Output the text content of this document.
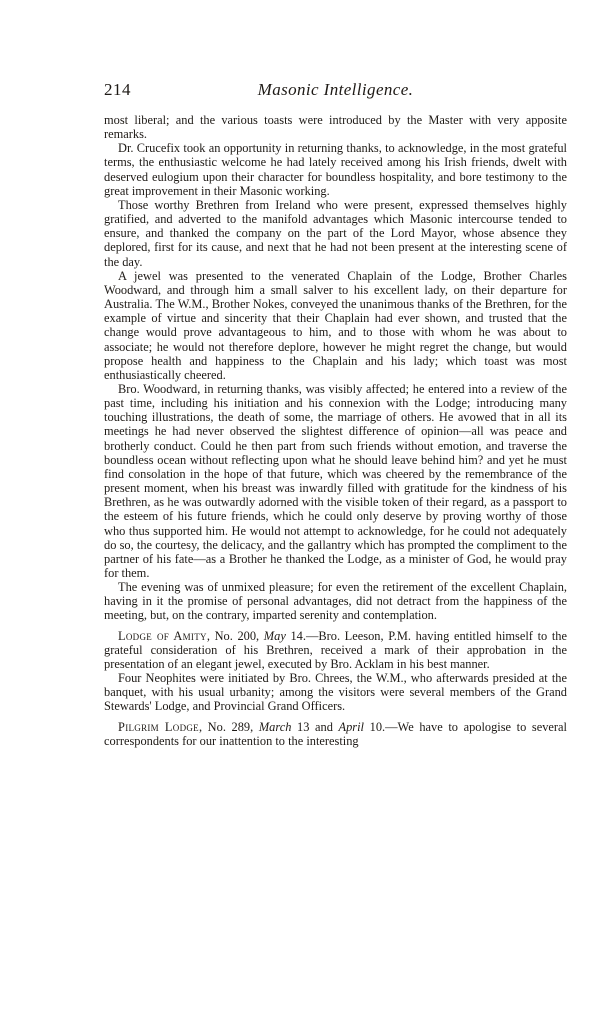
214	Masonic Intelligence.

most liberal; and the various toasts were introduced by the Master with very apposite remarks.

Dr. Crucefix took an opportunity in returning thanks, to acknowledge, in the most grateful terms, the enthusiastic welcome he had lately received among his Irish friends, dwelt with deserved eulogium upon their character for boundless hospitality, and bore testimony to the great improvement in their Masonic working.

Those worthy Brethren from Ireland who were present, expressed themselves highly gratified, and adverted to the manifold advantages which Masonic intercourse tended to ensure, and thanked the company on the part of the Lord Mayor, whose absence they deplored, first for its cause, and next that he had not been present at the interesting scene of the day.

A jewel was presented to the venerated Chaplain of the Lodge, Brother Charles Woodward, and through him a small salver to his excellent lady, on their departure for Australia. The W.M., Brother Nokes, conveyed the unanimous thanks of the Brethren, for the example of virtue and sincerity that their Chaplain had ever shown, and trusted that the change would prove advantageous to him, and to those with whom he was about to associate; he would not therefore deplore, however he might regret the change, but would propose health and happiness to the Chaplain and his lady; which toast was most enthusiastically cheered.

Bro. Woodward, in returning thanks, was visibly affected; he entered into a review of the past time, including his initiation and his connexion with the Lodge; introducing many touching illustrations, the death of some, the marriage of others. He avowed that in all its meetings he had never observed the slightest difference of opinion—all was peace and brotherly conduct. Could he then part from such friends without emotion, and traverse the boundless ocean without reflecting upon what he should leave behind him? and yet he must find consolation in the hope of that future, which was cheered by the remembrance of the present moment, when his breast was inwardly filled with gratitude for the kindness of his Brethren, as he was outwardly adorned with the visible token of their regard, as a passport to the esteem of his future friends, which he could only deserve by proving worthy of those who thus supported him. He would not attempt to acknowledge, for he could not adequately do so, the courtesy, the delicacy, and the gallantry which has prompted the compliment to the partner of his fate—as a Brother he thanked the Lodge, as a minister of God, he would pray for them.

The evening was of unmixed pleasure; for even the retirement of the excellent Chaplain, having in it the promise of personal advantages, did not detract from the happiness of the meeting, but, on the contrary, imparted serenity and contemplation.

Lodge of Amity, No. 200, May 14.—Bro. Leeson, P.M. having entitled himself to the grateful consideration of his Brethren, received a mark of their approbation in the presentation of an elegant jewel, executed by Bro. Acklam in his best manner.

Four Neophites were initiated by Bro. Chrees, the W.M., who afterwards presided at the banquet, with his usual urbanity; among the visitors were several members of the Grand Stewards' Lodge, and Provincial Grand Officers.

Pilgrim Lodge, No. 289, March 13 and April 10.—We have to apologise to several correspondents for our inattention to the interesting
